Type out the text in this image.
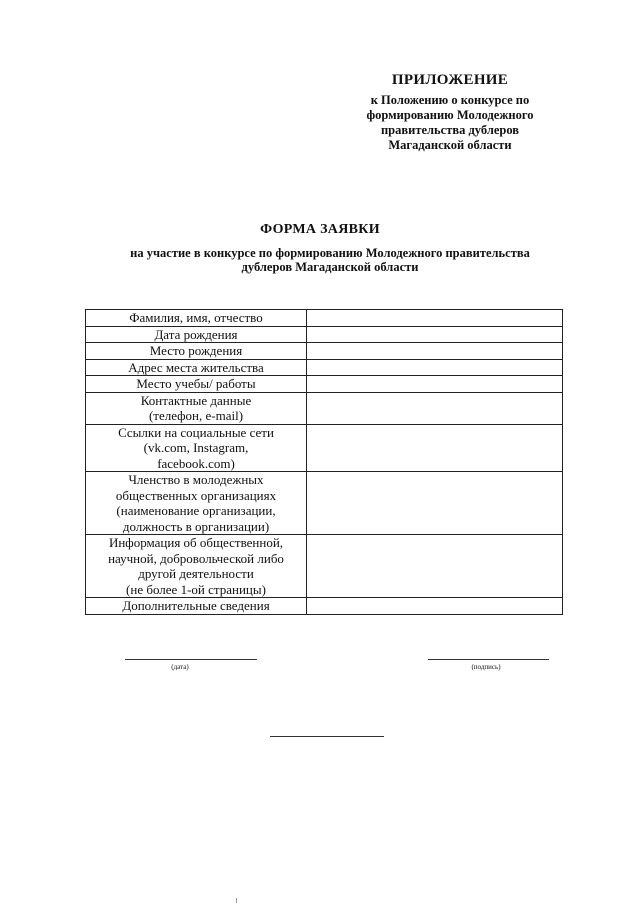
ПРИЛОЖЕНИЕ
к Положению о конкурсе по
формированию Молодежного
правительства дублеров
Магаданской области
ФОРМА ЗАЯВКИ
на участие в конкурсе по формированию Молодежного правительства
дублеров Магаданской области
Фамилия, имя, отчество	

Дата рождения	

Место рождения	

Адрес места жительства	

Место учебы/ работы	

Контактные данные
(телефон, e-mail)	

Ссылки на социальные сети
(vk.com, Instagram,
facebook.com)	

Членство в молодежных
общественных организациях
(наименование организации,
должность в организации)	

Информация об общественной,
научной, добровольческой либо
другой деятельности
(не более 1-ой страницы)	

Дополнительные сведения	

(дата)	(подпись)
